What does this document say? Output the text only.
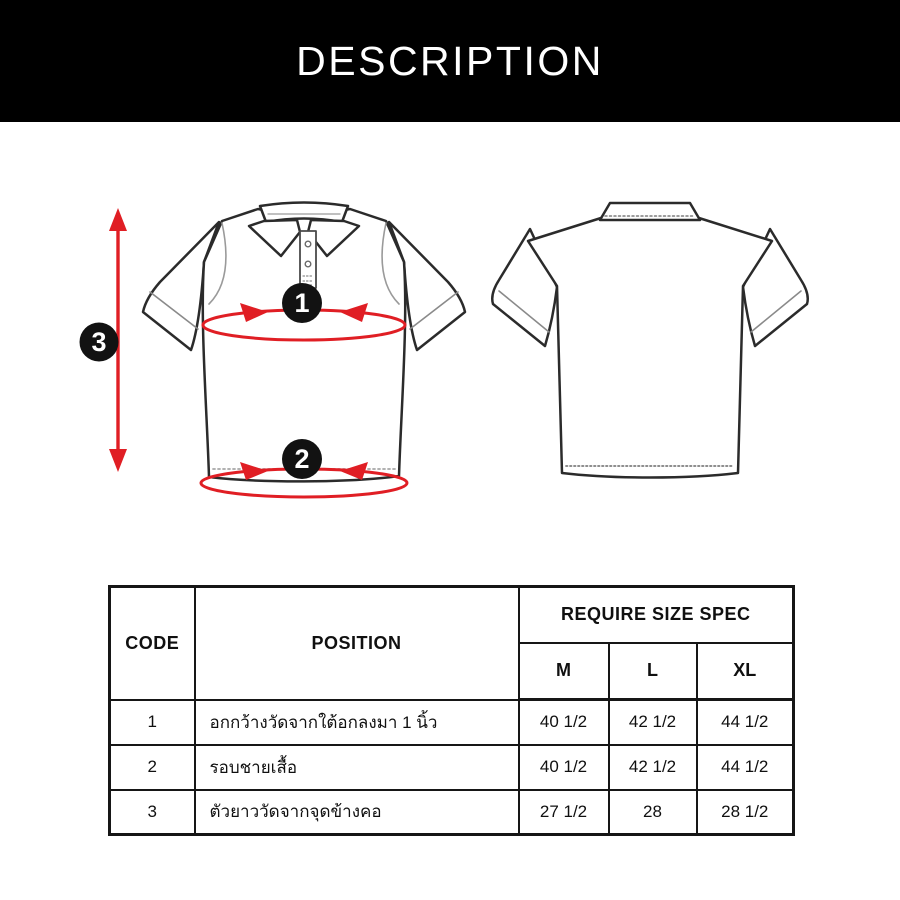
DESCRIPTION
1
2
3
CODE	POSITION	REQUIRE SIZE SPEC		
		M	L	XL
1	อกกว้างวัดจากใต้อกลงมา 1 นิ้ว	40 1/2	42 1/2	44 1/2
2	รอบชายเสื้อ	40 1/2	42 1/2	44 1/2
3	ตัวยาววัดจากจุดข้างคอ	27 1/2	28	28 1/2
